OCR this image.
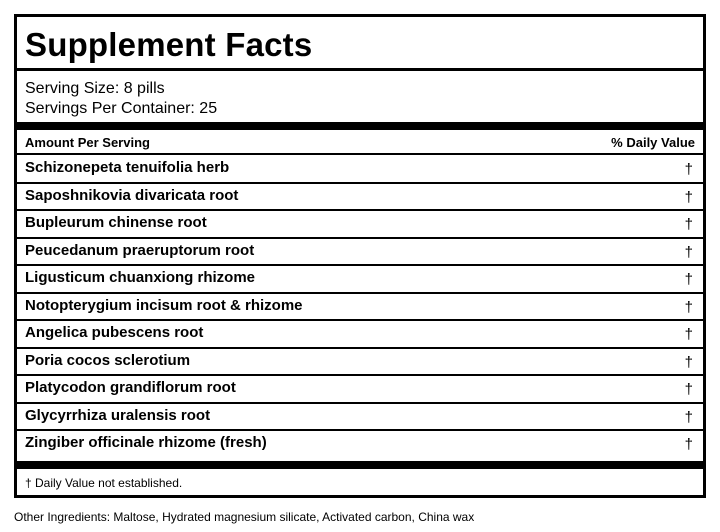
Supplement Facts
Serving Size: 8 pills
Servings Per Container: 25
Amount Per Serving	% Daily Value
Schizonepeta tenuifolia herb	†
Saposhnikovia divaricata root	†
Bupleurum chinense root	†
Peucedanum praeruptorum root	†
Ligusticum chuanxiong rhizome	†
Notopterygium incisum root & rhizome	†
Angelica pubescens root	†
Poria cocos sclerotium	†
Platycodon grandiflorum root	†
Glycyrrhiza uralensis root	†
Zingiber officinale rhizome (fresh)	†
† Daily Value not established.
Other Ingredients: Maltose, Hydrated magnesium silicate, Activated carbon, China wax
